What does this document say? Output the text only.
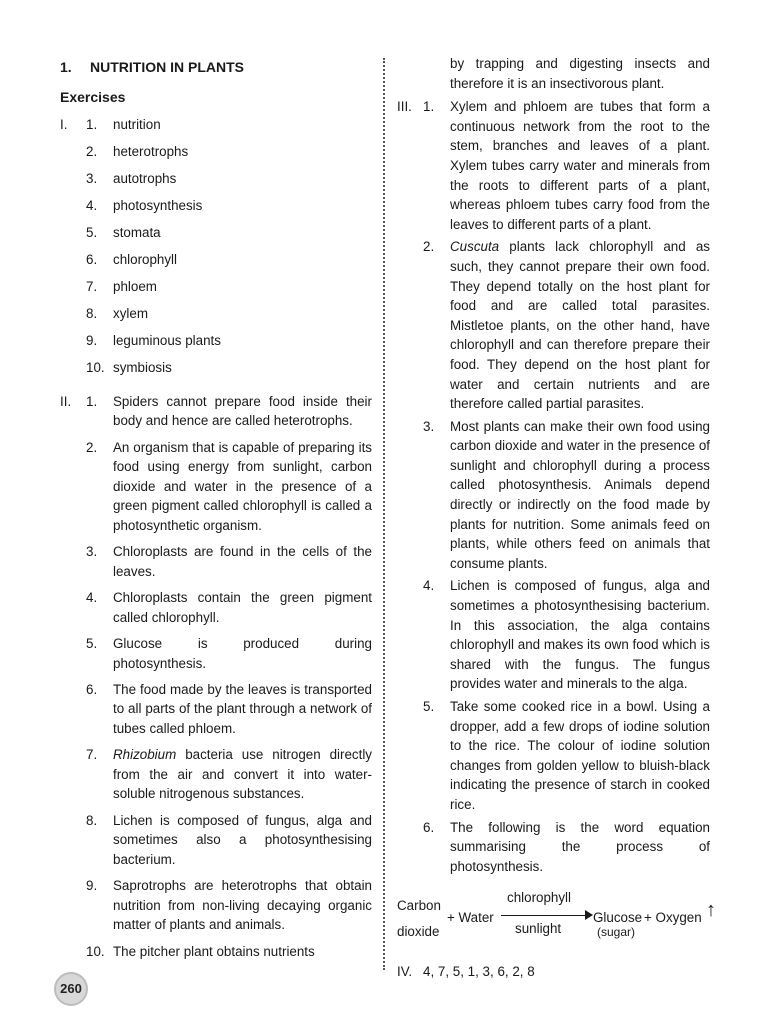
1. NUTRITION IN PLANTS
Exercises
I. 1. nutrition
2. heterotrophs
3. autotrophs
4. photosynthesis
5. stomata
6. chlorophyll
7. phloem
8. xylem
9. leguminous plants
10. symbiosis
II. 1. Spiders cannot prepare food inside their body and hence are called heterotrophs.
2. An organism that is capable of preparing its food using energy from sunlight, carbon dioxide and water in the presence of a green pigment called chlorophyll is called a photosynthetic organism.
3. Chloroplasts are found in the cells of the leaves.
4. Chloroplasts contain the green pigment called chlorophyll.
5. Glucose is produced during photosynthesis.
6. The food made by the leaves is transported to all parts of the plant through a network of tubes called phloem.
7. Rhizobium bacteria use nitrogen directly from the air and convert it into water-soluble nitrogenous substances.
8. Lichen is composed of fungus, alga and sometimes also a photosynthesising bacterium.
9. Saprotrophs are heterotrophs that obtain nutrition from non-living decaying organic matter of plants and animals.
10. The pitcher plant obtains nutrients
by trapping and digesting insects and therefore it is an insectivorous plant.
III. 1. Xylem and phloem are tubes that form a continuous network from the root to the stem, branches and leaves of a plant. Xylem tubes carry water and minerals from the roots to different parts of a plant, whereas phloem tubes carry food from the leaves to different parts of a plant.
2. Cuscuta plants lack chlorophyll and as such, they cannot prepare their own food. They depend totally on the host plant for food and are called total parasites. Mistletoe plants, on the other hand, have chlorophyll and can therefore prepare their food. They depend on the host plant for water and certain nutrients and are therefore called partial parasites.
3. Most plants can make their own food using carbon dioxide and water in the presence of sunlight and chlorophyll during a process called photosynthesis. Animals depend directly or indirectly on the food made by plants for nutrition. Some animals feed on plants, while others feed on animals that consume plants.
4. Lichen is composed of fungus, alga and sometimes a photosynthesising bacterium. In this association, the alga contains chlorophyll and makes its own food which is shared with the fungus. The fungus provides water and minerals to the alga.
5. Take some cooked rice in a bowl. Using a dropper, add a few drops of iodine solution to the rice. The colour of iodine solution changes from golden yellow to bluish-black indicating the presence of starch in cooked rice.
6. The following is the word equation summarising the process of photosynthesis.
Carbon
dioxide
+ Water
chlorophyll
sunlight
Glucose
(sugar)
+ Oxygen ↑
IV. 4, 7, 5, 1, 3, 6, 2, 8
260
